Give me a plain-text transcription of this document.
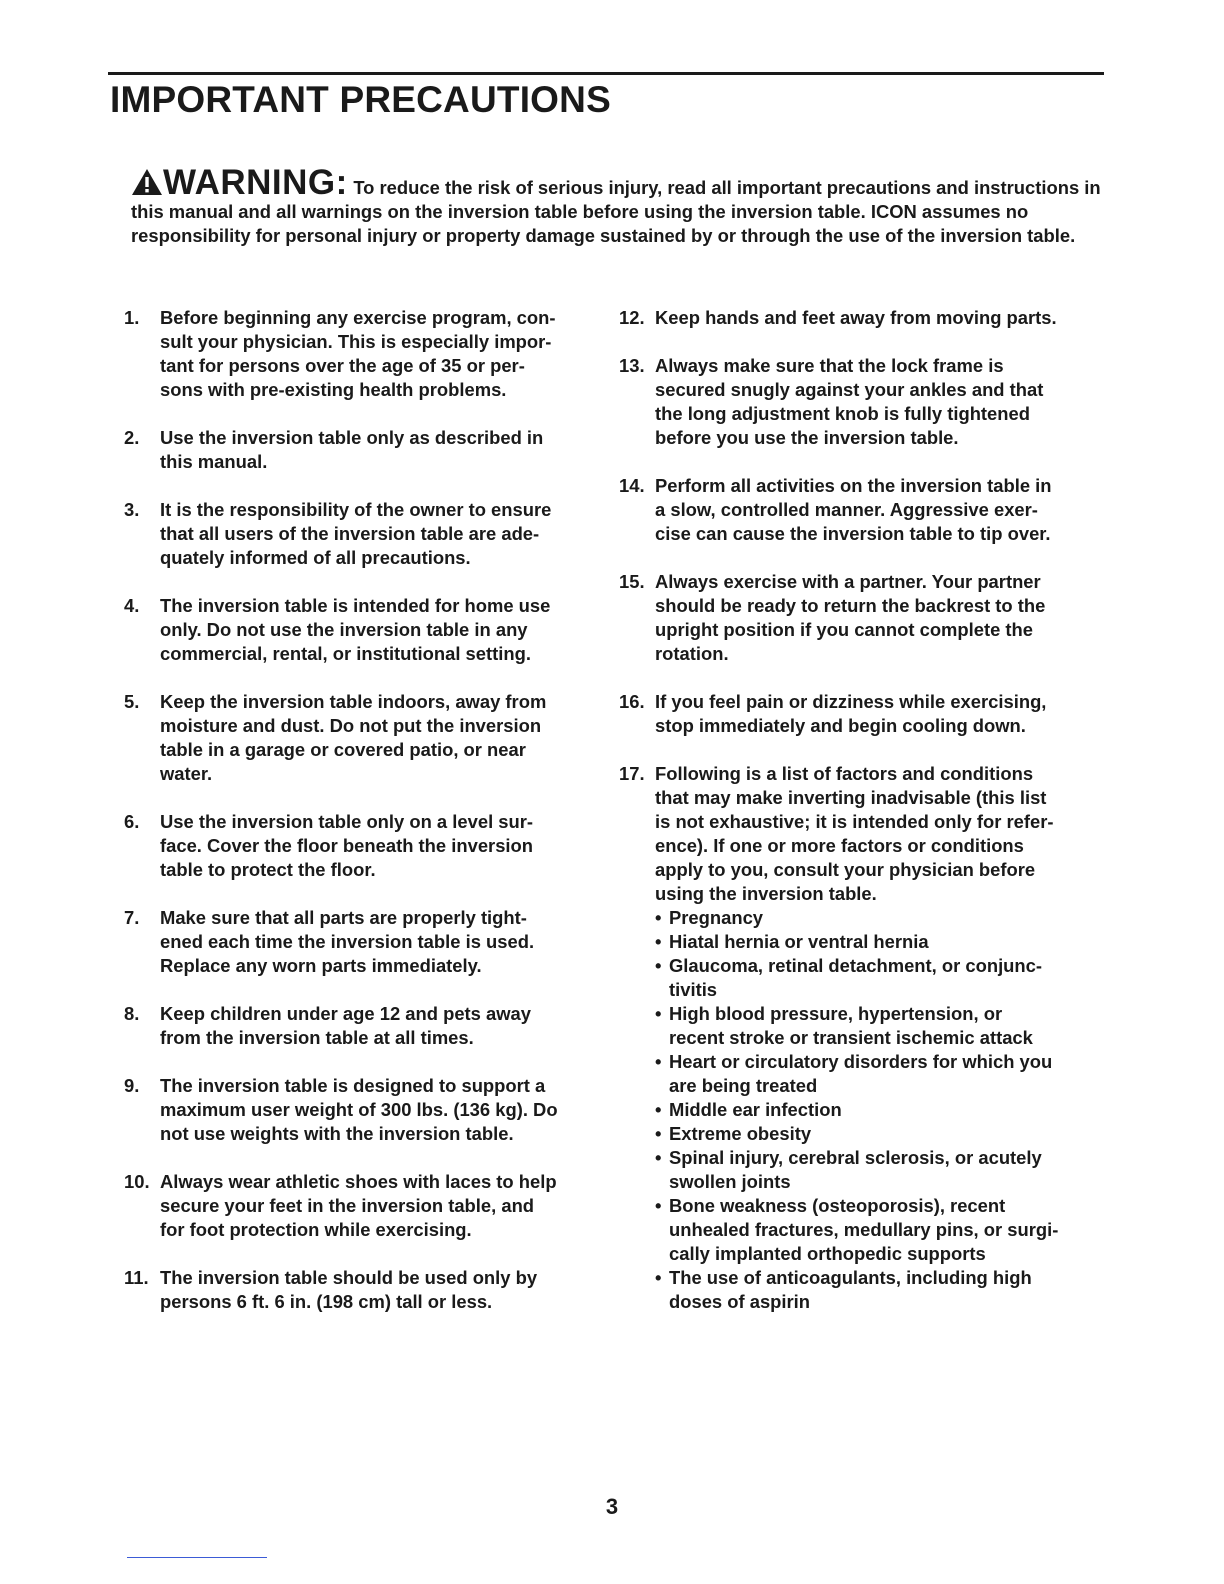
IMPORTANT PRECAUTIONS
WARNING: To reduce the risk of serious injury, read all important precautions and instructions in this manual and all warnings on the inversion table before using the inversion table. ICON assumes no responsibility for personal injury or property damage sustained by or through the use of the inversion table.
1. Before beginning any exercise program, con-
sult your physician. This is especially impor-
tant for persons over the age of 35 or per-
sons with pre-existing health problems.
2. Use the inversion table only as described in
this manual.
3. It is the responsibility of the owner to ensure
that all users of the inversion table are ade-
quately informed of all precautions.
4. The inversion table is intended for home use
only. Do not use the inversion table in any
commercial, rental, or institutional setting.
5. Keep the inversion table indoors, away from
moisture and dust. Do not put the inversion
table in a garage or covered patio, or near
water.
6. Use the inversion table only on a level sur-
face. Cover the floor beneath the inversion
table to protect the floor.
7. Make sure that all parts are properly tight-
ened each time the inversion table is used.
Replace any worn parts immediately.
8. Keep children under age 12 and pets away
from the inversion table at all times.
9. The inversion table is designed to support a
maximum user weight of 300 lbs. (136 kg). Do
not use weights with the inversion table.
10. Always wear athletic shoes with laces to help
secure your feet in the inversion table, and
for foot protection while exercising.
11. The inversion table should be used only by
persons 6 ft. 6 in. (198 cm) tall or less.
12. Keep hands and feet away from moving parts.
13. Always make sure that the lock frame is
secured snugly against your ankles and that
the long adjustment knob is fully tightened
before you use the inversion table.
14. Perform all activities on the inversion table in
a slow, controlled manner. Aggressive exer-
cise can cause the inversion table to tip over.
15. Always exercise with a partner. Your partner
should be ready to return the backrest to the
upright position if you cannot complete the
rotation.
16. If you feel pain or dizziness while exercising,
stop immediately and begin cooling down.
17. Following is a list of factors and conditions
that may make inverting inadvisable (this list
is not exhaustive; it is intended only for refer-
ence). If one or more factors or conditions
apply to you, consult your physician before
using the inversion table.
• Pregnancy
• Hiatal hernia or ventral hernia
• Glaucoma, retinal detachment, or conjunc-
tivitis
• High blood pressure, hypertension, or
recent stroke or transient ischemic attack
• Heart or circulatory disorders for which you
are being treated
• Middle ear infection
• Extreme obesity
• Spinal injury, cerebral sclerosis, or acutely
swollen joints
• Bone weakness (osteoporosis), recent
unhealed fractures, medullary pins, or surgi-
cally implanted orthopedic supports
• The use of anticoagulants, including high
doses of aspirin
3
